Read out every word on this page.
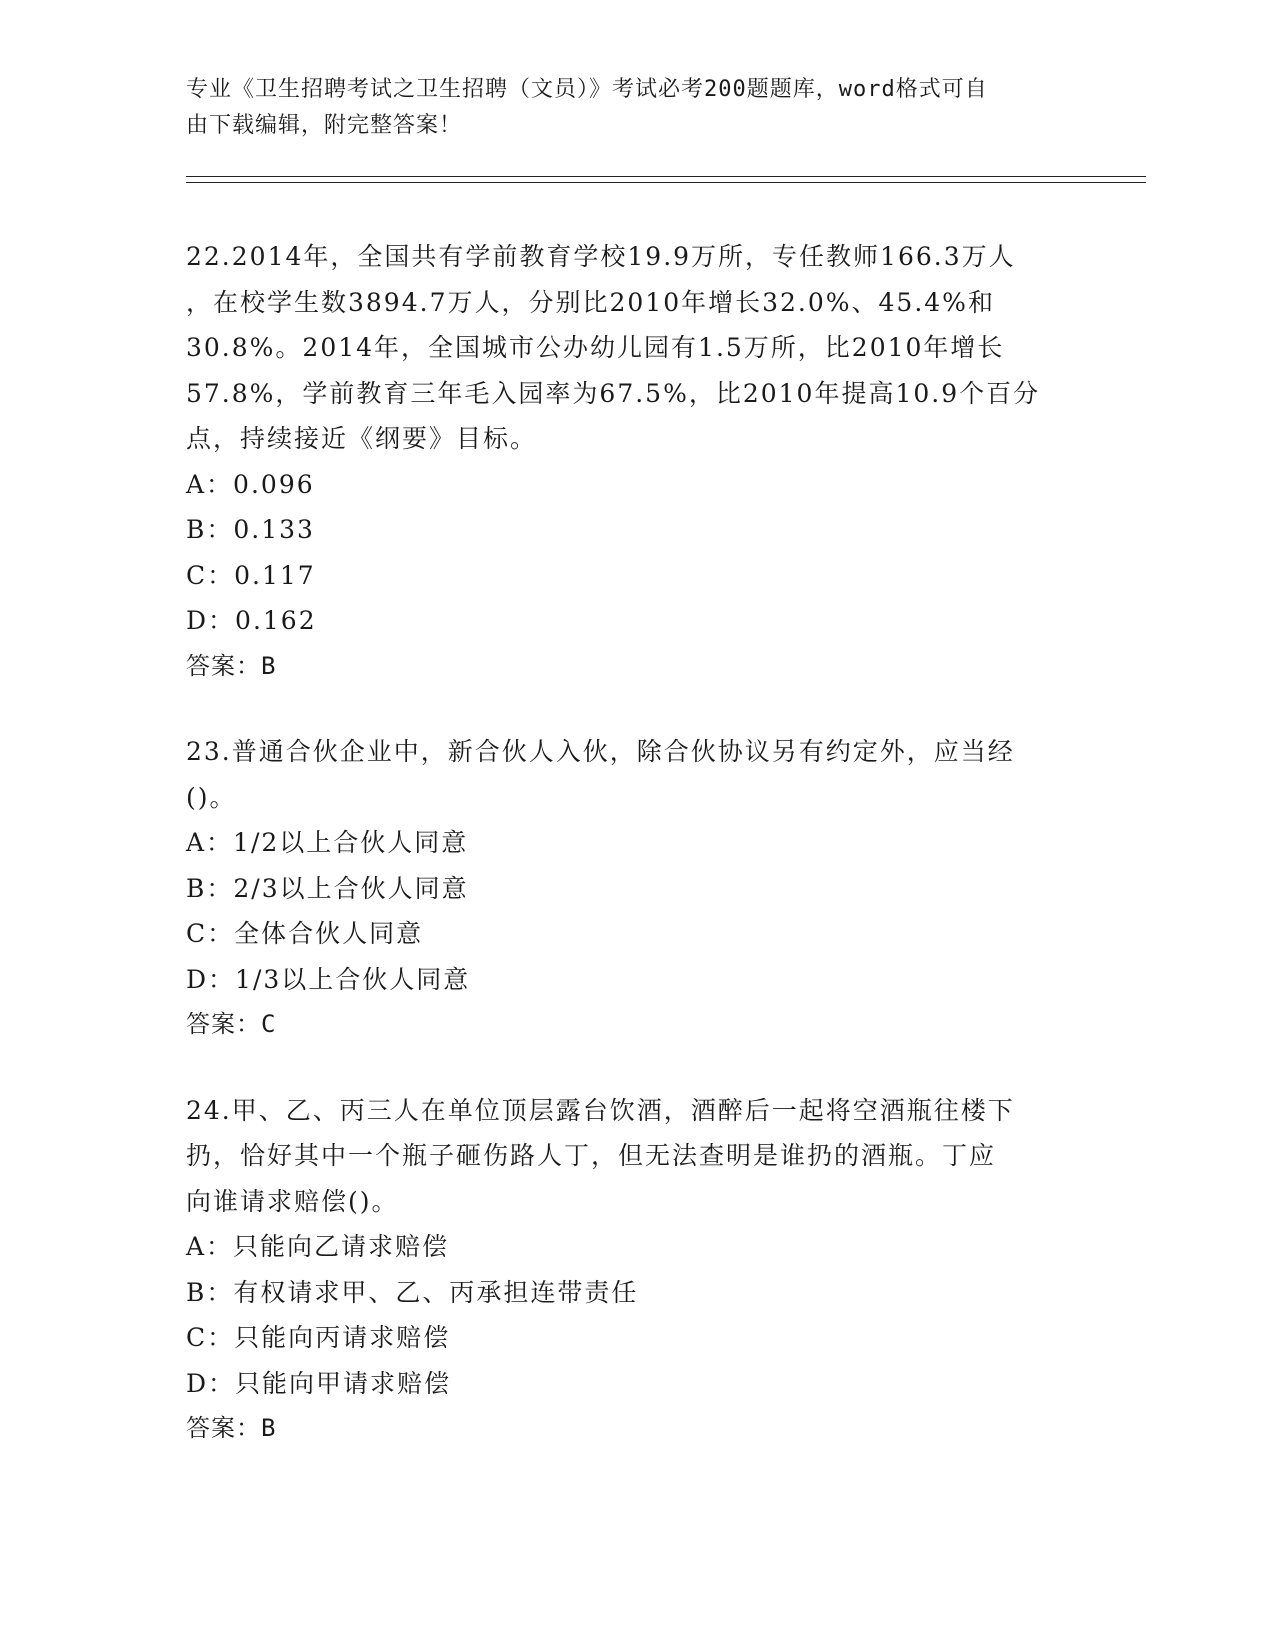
专业《卫生招聘考试之卫生招聘（文员）》考试必考200题题库，word格式可自
由下载编辑，附完整答案！

22.2014年，全国共有学前教育学校19.9万所，专任教师166.3万人

，在校学生数3894.7万人，分别比2010年增长32.0%、45.4%和

30.8%。2014年，全国城市公办幼儿园有1.5万所，比2010年增长

57.8%，学前教育三年毛入园率为67.5%，比2010年提高10.9个百分

点，持续接近《纲要》目标。

A：0.096

B：0.133

C：0.117

D：0.162

答案：B

23.普通合伙企业中，新合伙人入伙，除合伙协议另有约定外，应当经

()。

A：1/2以上合伙人同意

B：2/3以上合伙人同意

C：全体合伙人同意

D：1/3以上合伙人同意

答案：C

24.甲、乙、丙三人在单位顶层露台饮酒，酒醉后一起将空酒瓶往楼下

扔，恰好其中一个瓶子砸伤路人丁，但无法查明是谁扔的酒瓶。丁应

向谁请求赔偿()。

A：只能向乙请求赔偿

B：有权请求甲、乙、丙承担连带责任

C：只能向丙请求赔偿

D：只能向甲请求赔偿

答案：B
